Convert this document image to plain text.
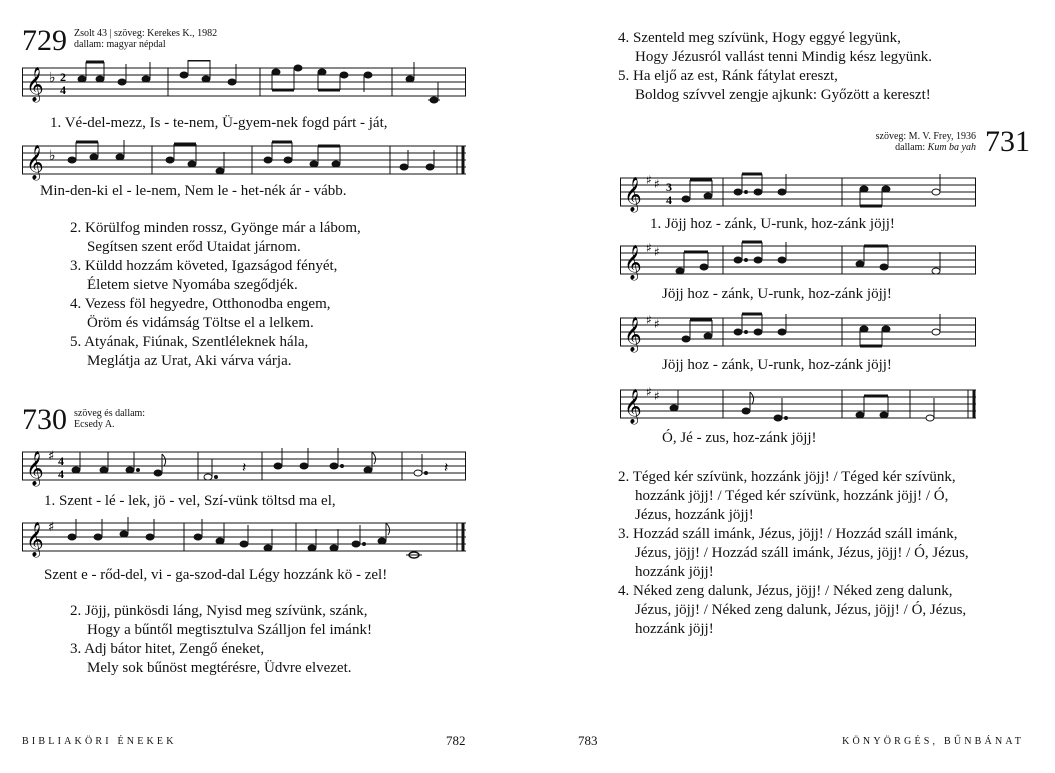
729 Zsolt 43 | szöveg: Kerekes K., 1982
dallam: magyar népdal
𝄞 ♭ 2
4
1. Vé-del-mezz, Is - te-nem, Ü-gyem-nek fogd párt - ját,
𝄞 ♭
Min-den-ki el - le-nem, Nem le - het-nék ár - vább.
2. Körülfog minden rossz, Gyönge már a lábom,
Segítsen szent erőd Utaidat járnom.
3. Küldd hozzám követed, Igazságod fényét,
Életem sietve Nyomába szegődjék.
4. Vezess föl hegyedre, Otthonodba engem,
Öröm és vidámság Töltse el a lelkem.
5. Atyának, Fiúnak, Szentléleknek hála,
Meglátja az Urat, Aki várva várja.
730 szöveg és dallam:
Ecsedy A.
𝄞 ♯ 4
4	𝄽	𝄽
1. Szent - lé - lek, jö - vel, Szí-vünk töltsd ma el,
𝄞 ♯
Szent e - rőd-del, vi - ga-szod-dal Légy hozzánk kö - zel!
2. Jöjj, pünkösdi láng, Nyisd meg szívünk, szánk,
Hogy a bűntől megtisztulva Szálljon fel imánk!
3. Adj bátor hitet, Zengő éneket,
Mely sok bűnöst megtérésre, Üdvre elvezet.
BIBLIAKÖRI ÉNEKEK	782
4. Szenteld meg szívünk, Hogy eggyé legyünk,
Hogy Jézusról vallást tenni Mindig kész legyünk.
5. Ha eljő az est, Ránk fátylat ereszt,
Boldog szívvel zengje ajkunk: Győzött a kereszt!
szöveg: M. V. Frey, 1936
dallam: Kum ba yah 731
𝄞 ♯ ♯ 3
4
1. Jöjj hoz - zánk, U-runk, hoz-zánk jöjj!
𝄞 ♯ ♯
Jöjj hoz - zánk, U-runk, hoz-zánk jöjj!
𝄞 ♯ ♯
Jöjj hoz - zánk, U-runk, hoz-zánk jöjj!
𝄞 ♯ ♯
Ó, Jé - zus, hoz-zánk jöjj!
2. Téged kér szívünk, hozzánk jöjj! / Téged kér szívünk,
hozzánk jöjj! / Téged kér szívünk, hozzánk jöjj! / Ó,
Jézus, hozzánk jöjj!
3. Hozzád száll imánk, Jézus, jöjj! / Hozzád száll imánk,
Jézus, jöjj! / Hozzád száll imánk, Jézus, jöjj! / Ó, Jézus,
hozzánk jöjj!
4. Néked zeng dalunk, Jézus, jöjj! / Néked zeng dalunk,
Jézus, jöjj! / Néked zeng dalunk, Jézus, jöjj! / Ó, Jézus,
hozzánk jöjj!
783	KÖNYÖRGÉS, BŰNBÁNAT
